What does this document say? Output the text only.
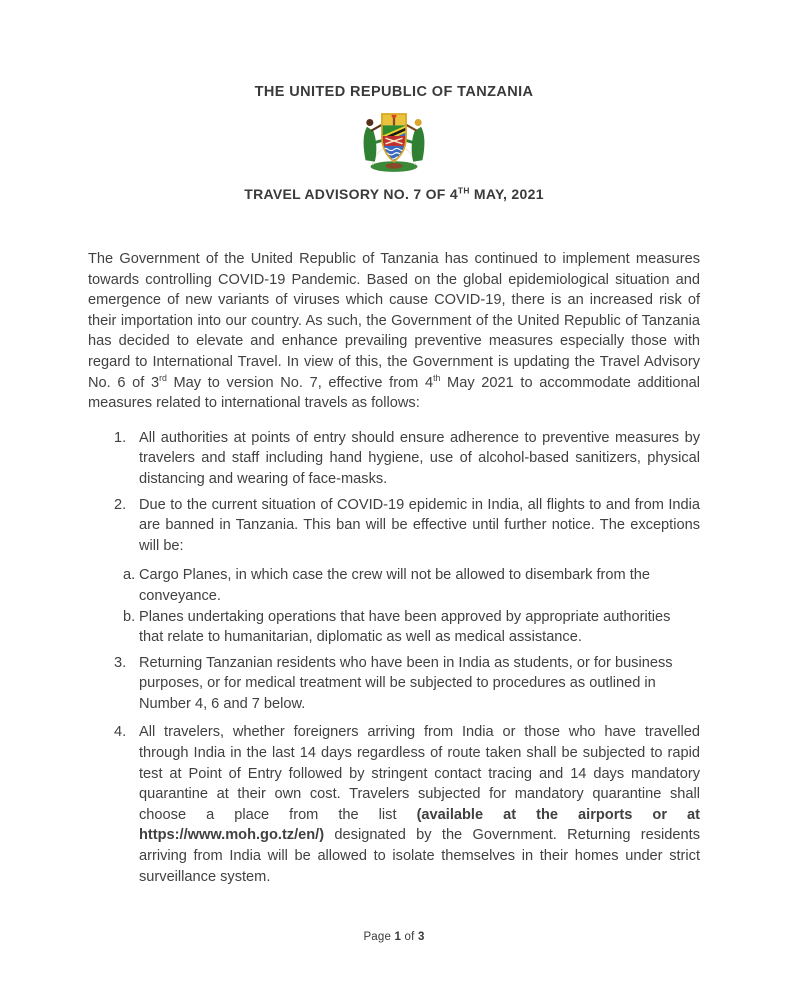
THE UNITED REPUBLIC OF TANZANIA
TRAVEL ADVISORY NO. 7 OF 4TH MAY, 2021

The Government of the United Republic of Tanzania has continued to implement measures towards controlling COVID-19 Pandemic. Based on the global epidemiological situation and emergence of new variants of viruses which cause COVID-19, there is an increased risk of their importation into our country. As such, the Government of the United Republic of Tanzania has decided to elevate and enhance prevailing preventive measures especially those with regard to International Travel. In view of this, the Government is updating the Travel Advisory No. 6 of 3rd May to version No. 7, effective from 4th May 2021 to accommodate additional measures related to international travels as follows:

1. All authorities at points of entry should ensure adherence to preventive measures by travelers and staff including hand hygiene, use of alcohol-based sanitizers, physical distancing and wearing of face-masks.
2. Due to the current situation of COVID-19 epidemic in India, all flights to and from India are banned in Tanzania. This ban will be effective until further notice. The exceptions will be:
a. Cargo Planes, in which case the crew will not be allowed to disembark from the conveyance.
b. Planes undertaking operations that have been approved by appropriate authorities that relate to humanitarian, diplomatic as well as medical assistance.
3. Returning Tanzanian residents who have been in India as students, or for business purposes, or for medical treatment will be subjected to procedures as outlined in Number 4, 6 and 7 below.
4. All travelers, whether foreigners arriving from India or those who have travelled through India in the last 14 days regardless of route taken shall be subjected to rapid test at Point of Entry followed by stringent contact tracing and 14 days mandatory quarantine at their own cost. Travelers subjected for mandatory quarantine shall choose a place from the list (available at the airports or at https://www.moh.go.tz/en/) designated by the Government. Returning residents arriving from India will be allowed to isolate themselves in their homes under strict surveillance system.
Page 1 of 3
